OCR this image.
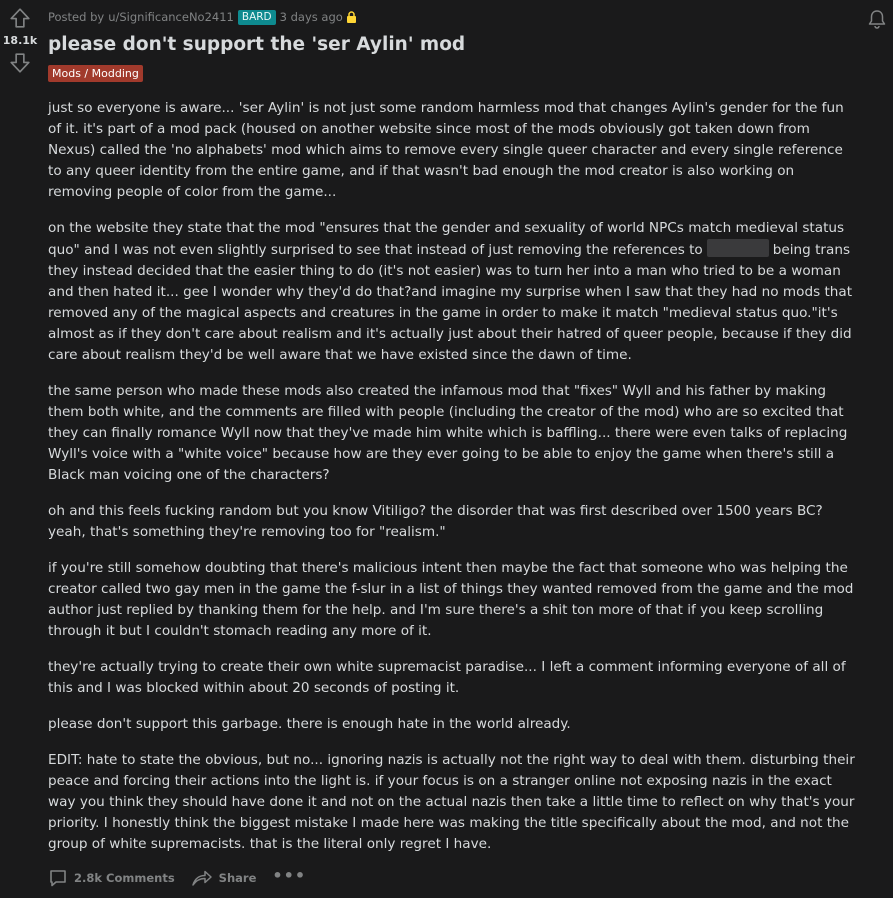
18.1k
Posted by u/SignificanceNo2411 BARD 3 days ago
please don't support the 'ser Aylin' mod
Mods / Modding

just so everyone is aware... 'ser Aylin' is not just some random harmless mod that changes Aylin's gender for the fun of it. it's part of a mod pack (housed on another website since most of the mods obviously got taken down from Nexus) called the 'no alphabets' mod which aims to remove every single queer character and every single reference to any queer identity from the entire game, and if that wasn't bad enough the mod creator is also working on removing people of color from the game...

on the website they state that the mod "ensures that the gender and sexuality of world NPCs match medieval status quo" and I was not even slightly surprised to see that instead of just removing the references to	being trans they instead decided that the easier thing to do (it's not easier) was to turn her into a man who tried to be a woman and then hated it... gee I wonder why they'd do that?and imagine my surprise when I saw that they had no mods that removed any of the magical aspects and creatures in the game in order to make it match "medieval status quo."it's almost as if they don't care about realism and it's actually just about their hatred of queer people, because if they did care about realism they'd be well aware that we have existed since the dawn of time.

the same person who made these mods also created the infamous mod that "fixes" Wyll and his father by making them both white, and the comments are filled with people (including the creator of the mod) who are so excited that they can finally romance Wyll now that they've made him white which is baffling... there were even talks of replacing Wyll's voice with a "white voice" because how are they ever going to be able to enjoy the game when there's still a Black man voicing one of the characters?

oh and this feels fucking random but you know Vitiligo? the disorder that was first described over 1500 years BC? yeah, that's something they're removing too for "realism."

if you're still somehow doubting that there's malicious intent then maybe the fact that someone who was helping the creator called two gay men in the game the f-slur in a list of things they wanted removed from the game and the mod author just replied by thanking them for the help. and I'm sure there's a shit ton more of that if you keep scrolling through it but I couldn't stomach reading any more of it.

they're actually trying to create their own white supremacist paradise... I left a comment informing everyone of all of this and I was blocked within about 20 seconds of posting it.

please don't support this garbage. there is enough hate in the world already.

EDIT: hate to state the obvious, but no... ignoring nazis is actually not the right way to deal with them. disturbing their peace and forcing their actions into the light is. if your focus is on a stranger online not exposing nazis in the exact way you think they should have done it and not on the actual nazis then take a little time to reflect on why that's your priority. I honestly think the biggest mistake I made here was making the title specifically about the mod, and not the group of white supremacists. that is the literal only regret I have.

2.8k Comments	Share •••
